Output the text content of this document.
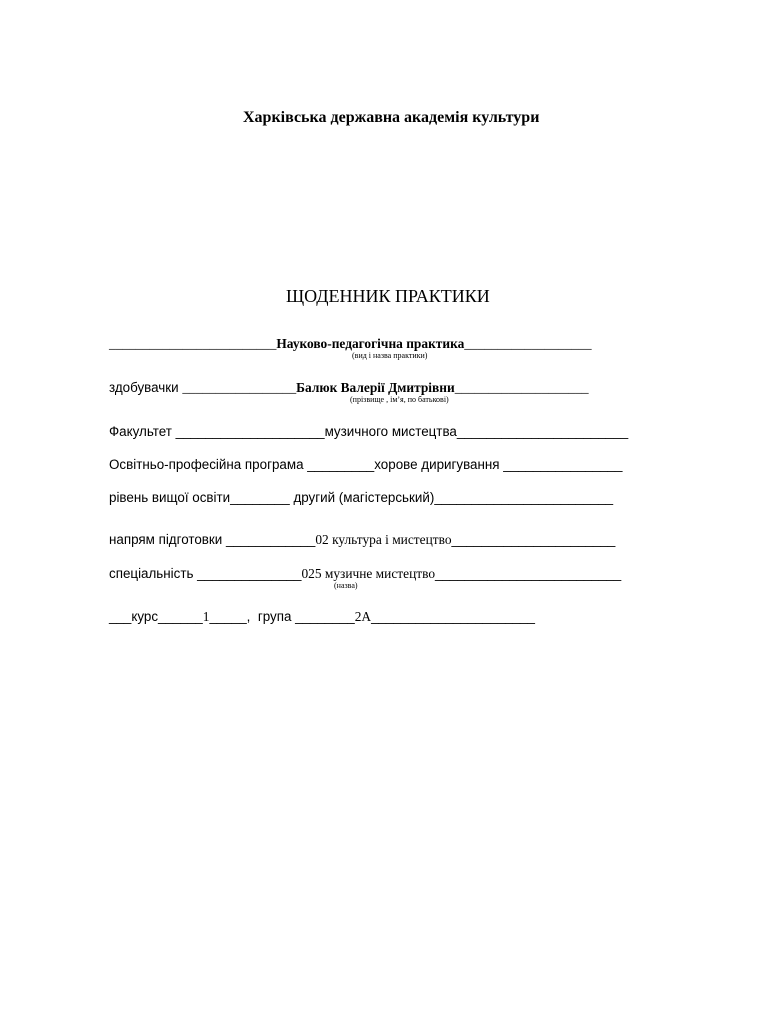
Харківська державна академія культури
ЩОДЕННИК ПРАКТИКИ
_________________________Науково-педагогічна практика___________________
(вид і назва практики)
здобувачки _________________Балюк Валерії Дмитрівни____________________
(прізвище , ім’я, по батькові)
Факультет ____________________музичного мистецтва_______________________
Освітньо-професійна програма _________хорове диригування ________________
рівень вищої освіти________ другий (магістерський)________________________
напрям підготовки ____________02 культура і мистецтво______________________
спеціальність ______________025 музичне мистецтво_________________________
(назва)
___курс______1_____,  група ________2А______________________
